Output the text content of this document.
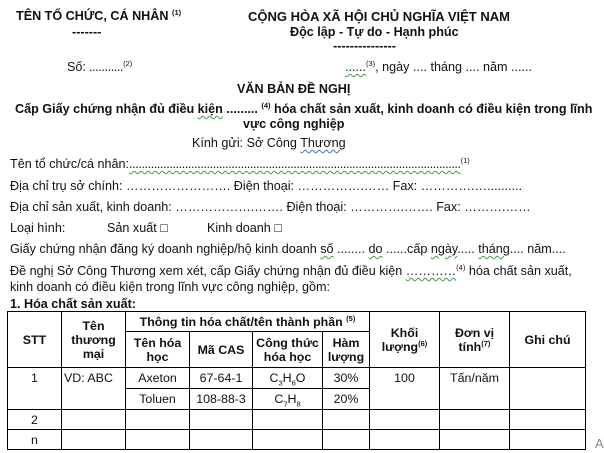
TÊN TỔ CHỨC, CÁ NHÂN $^{(1)}$
-------
CỘNG HÒA XÃ HỘI CHỦ NGHĨA VIỆT NAM
Độc lập - Tự do - Hạnh phúc
---------------
Số: ...........$^{(2)}$	......$^{(3)}$, ngày .... tháng .... năm ......
VĂN BẢN ĐỀ NGHỊ
Cấp Giấy chứng nhận đủ điều kiện ......... $^{(4)}$ hóa chất sản xuất, kinh doanh có điều kiện trong lĩnh
vực công nghiệp
Kính gửi: Sở Công Thương
Tên tổ chức/cá nhân:...........................................................................................................$^{(1)}$
Địa chỉ trụ sở chính: ……………………. Điện thoại: …………….…… Fax: ………….…..........
Địa chỉ sản xuất, kinh doanh: ……………….……. Điện thoại: ………….……. Fax: ……….……
Loại hình:	Sản xuất □	Kinh doanh □
Giấy chứng nhận đăng ký doanh nghiệp/hộ kinh doanh số ........ do ......cấp ngày..... tháng.... năm....
Đề nghị Sở Công Thương xem xét, cấp Giấy chứng nhận đủ điều kiện …………$^{(4)}$ hóa chất sản xuất,
kinh doanh có điều kiện trong lĩnh vực công nghiệp, gồm:
1. Hóa chất sản xuất:
STT	Tên thương mại	Thông tin hóa chất/tên thành phần $^{(5)}$				Khối lượng$^{(6)}$	Đơn vị tính$^{(7)}$	Ghi chú
		Tên hóa học	Mã CAS	Công thức hóa học	Hàm lượng			
1	VD: ABC	Axeton	67-64-1	$C_3H_6O$	30%	100	Tấn/năm	
		Toluen	108-88-3	$C_7H_8$	20%			
2								
n									A
